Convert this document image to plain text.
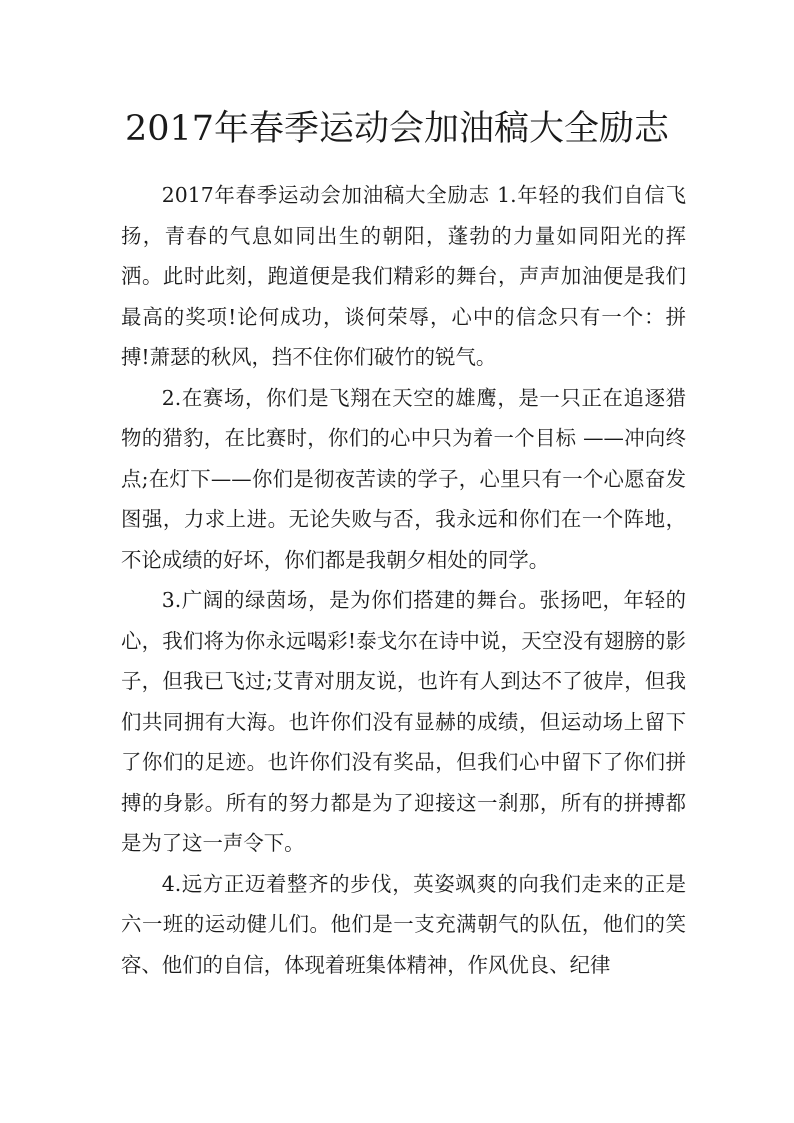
2017年春季运动会加油稿大全励志

2017年春季运动会加油稿大全励志 1.年轻的我们自信飞扬，青春的气息如同出生的朝阳，蓬勃的力量如同阳光的挥洒。此时此刻，跑道便是我们精彩的舞台，声声加油便是我们最高的奖项!论何成功，谈何荣辱，心中的信念只有一个：拼搏!萧瑟的秋风，挡不住你们破竹的锐气。

2.在赛场，你们是飞翔在天空的雄鹰，是一只正在追逐猎物的猎豹，在比赛时，你们的心中只为着一个目标 ——冲向终点;在灯下——你们是彻夜苦读的学子，心里只有一个心愿奋发图强，力求上进。无论失败与否，我永远和你们在一个阵地，不论成绩的好坏，你们都是我朝夕相处的同学。

3.广阔的绿茵场，是为你们搭建的舞台。张扬吧，年轻的心，我们将为你永远喝彩!泰戈尔在诗中说，天空没有翅膀的影子，但我已飞过;艾青对朋友说，也许有人到达不了彼岸，但我们共同拥有大海。也许你们没有显赫的成绩，但运动场上留下了你们的足迹。也许你们没有奖品，但我们心中留下了你们拼搏的身影。所有的努力都是为了迎接这一刹那，所有的拼搏都是为了这一声令下。

4.远方正迈着整齐的步伐，英姿飒爽的向我们走来的正是六一班的运动健儿们。他们是一支充满朝气的队伍，他们的笑容、他们的自信，体现着班集体精神，作风优良、纪律
